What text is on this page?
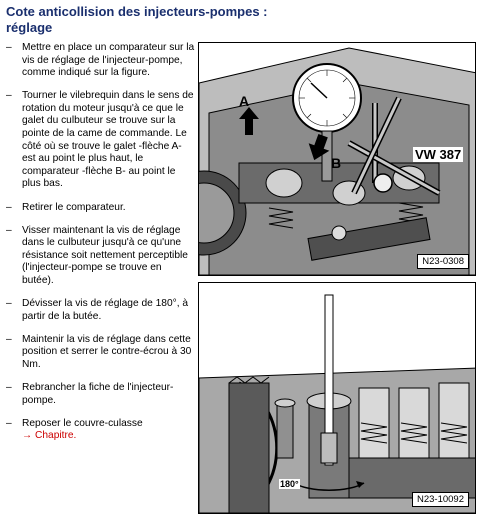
Cote anticollision des injecteurs-pompes : réglage
– Mettre en place un comparateur sur la vis de réglage de l'injecteur-pompe, comme indiqué sur la figure.
– Tourner le vilebrequin dans le sens de rotation du moteur jusqu'à ce que le galet du culbuteur se trouve sur la pointe de la came de commande. Le côté où se trouve le galet -flèche A- est au point le plus haut, le comparateur -flèche B- au point le plus bas.
– Retirer le comparateur.
– Visser maintenant la vis de réglage dans le culbuteur jusqu'à ce qu'une résistance soit nettement perceptible (l'injecteur-pompe se trouve en butée).
– Dévisser la vis de réglage de 180°, à partir de la butée.
– Maintenir la vis de réglage dans cette position et serrer le contre-écrou à 30 Nm.
– Rebrancher la fiche de l'injecteur-pompe.
– Reposer le couvre-culasse
→ Chapitre.
A
B
VW 387
N23-0308
180°
N23-10092
